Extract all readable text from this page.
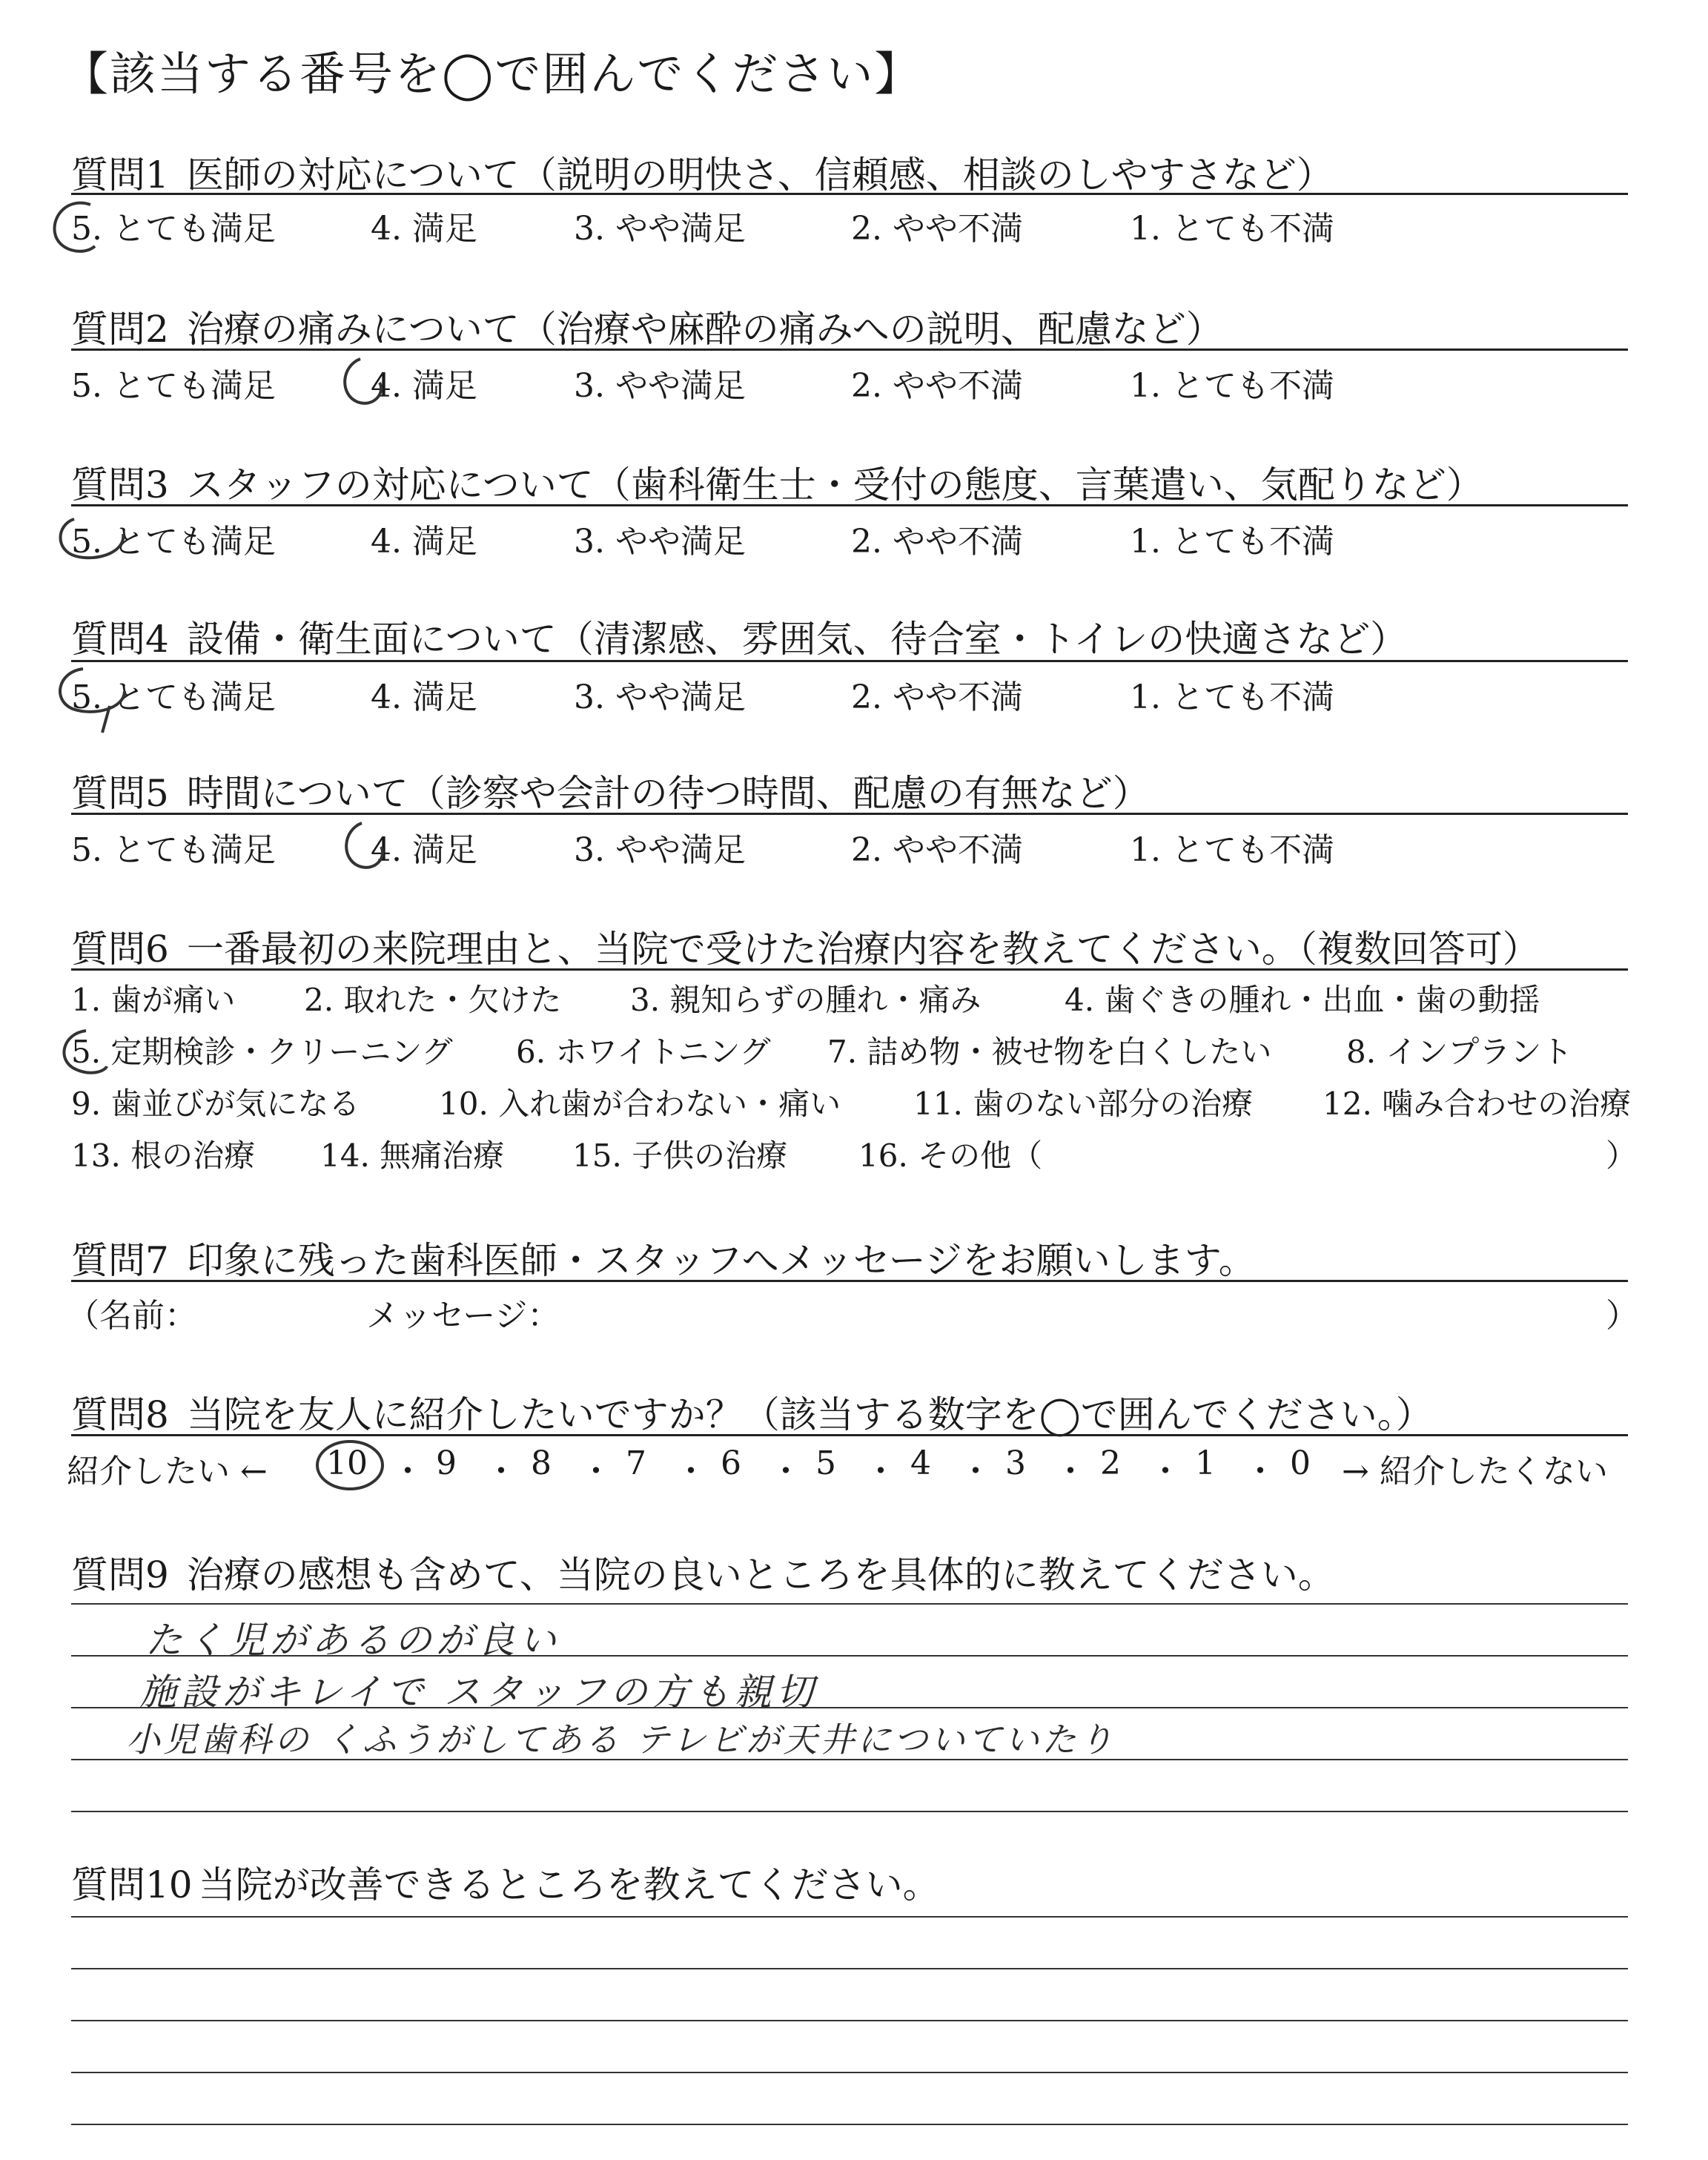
【該当する番号を◯で囲んでください】
質問1 医師の対応について（説明の明快さ、信頼感、相談のしやすさなど）
5. とても満足	4. 満足	3. やや満足	2. やや不満	1. とても不満
質問2 治療の痛みについて（治療や麻酔の痛みへの説明、配慮など）
5. とても満足	4. 満足	3. やや満足	2. やや不満	1. とても不満
質問3 スタッフの対応について（歯科衛生士・受付の態度、言葉遣い、気配りなど）
5. とても満足	4. 満足	3. やや満足	2. やや不満	1. とても不満
質問4 設備・衛生面について（清潔感、雰囲気、待合室・トイレの快適さなど）
5. とても満足	4. 満足	3. やや満足	2. やや不満	1. とても不満
質問5 時間について（診察や会計の待つ時間、配慮の有無など）
5. とても満足	4. 満足	3. やや満足	2. やや不満	1. とても不満
質問6 一番最初の来院理由と、当院で受けた治療内容を教えてください。（複数回答可）
1. 歯が痛い 2. 取れた・欠けた 3. 親知らずの腫れ・痛み	4. 歯ぐきの腫れ・出血・歯の動揺
5. 定期検診・クリーニング 6. ホワイトニング 7. 詰め物・被せ物を白くしたい 8. インプラント
9. 歯並びが気になる	10. 入れ歯が合わない・痛い 11. 歯のない部分の治療 12. 噛み合わせの治療
13. 根の治療 14. 無痛治療 15. 子供の治療 16. その他（	）
質問7 印象に残った歯科医師・スタッフへメッセージをお願いします。
（名前：	メッセージ：	）
質問8 当院を友人に紹介したいですか？（該当する数字を◯で囲んでください。）
紹介したい ← 10 ・ 9 ・ 8 ・ 7 ・ 6 ・ 5 ・ 4 ・ 3 ・ 2 ・ 1 ・ 0 → 紹介したくない
質問9 治療の感想も含めて、当院の良いところを具体的に教えてください。
たく児があるのが良い
施設がキレイで スタッフの方も親切
小児歯科の くふうがしてある テレビが天井についていたり
質問10 当院が改善できるところを教えてください。
